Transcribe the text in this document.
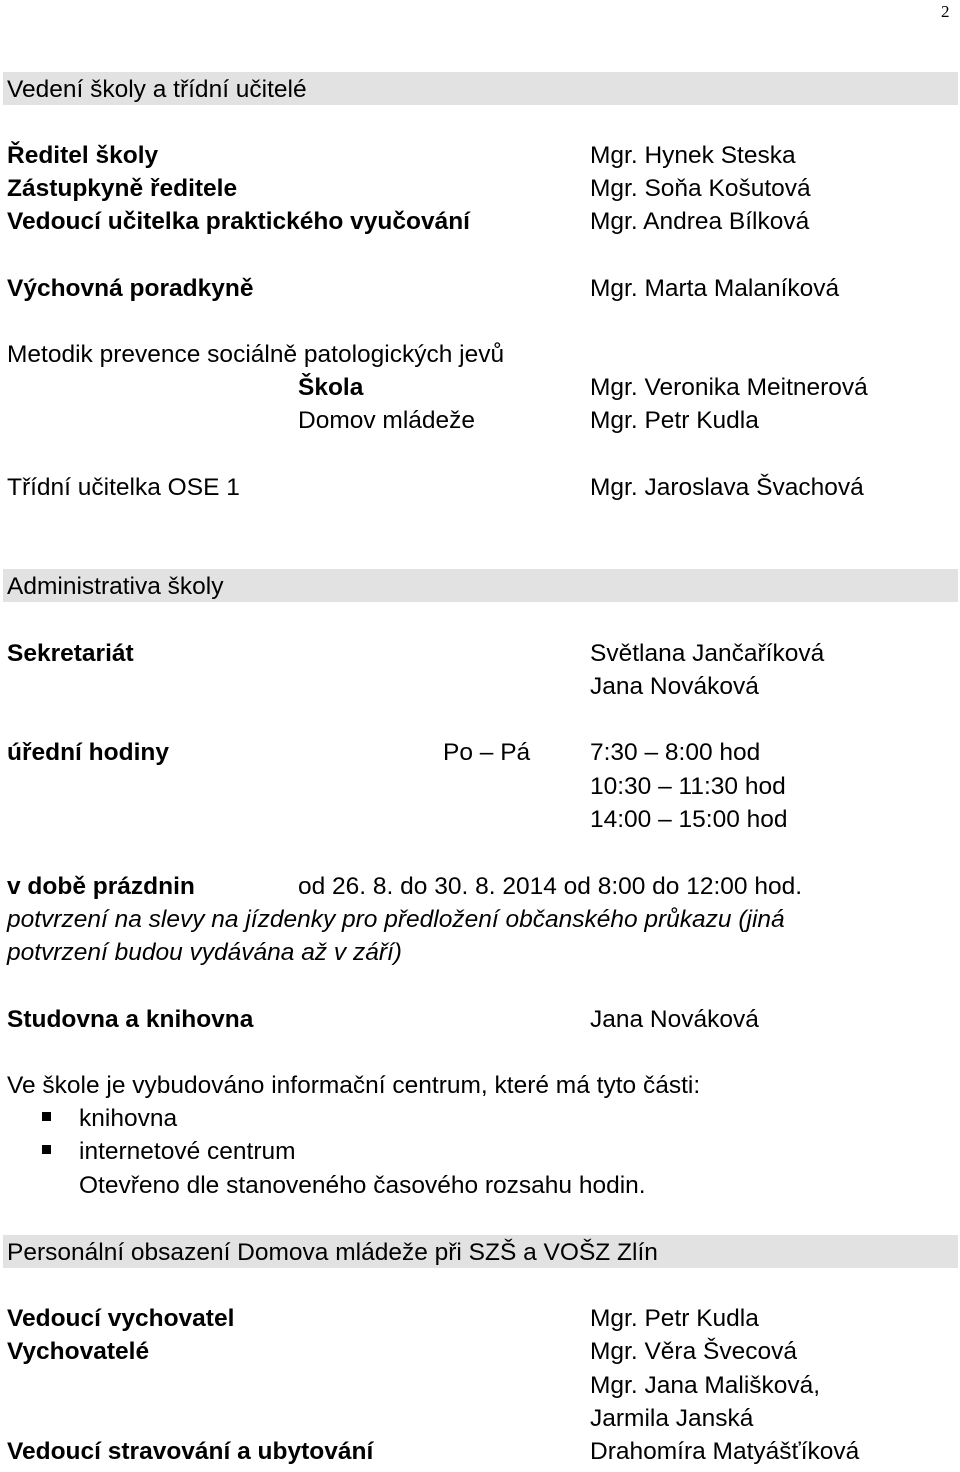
2
Vedení školy a třídní učitelé
Ředitel školy	Mgr. Hynek Steska
Zástupkyně ředitele	Mgr. Soňa Košutová
Vedoucí učitelka praktického vyučování	Mgr. Andrea Bílková
Výchovná poradkyně	Mgr. Marta Malaníková
Metodik prevence sociálně patologických jevů
Škola	Mgr. Veronika Meitnerová
Domov mládeže	Mgr. Petr Kudla
Třídní učitelka OSE 1	Mgr. Jaroslava Švachová
Administrativa školy
Sekretariát	Světlana Jančaříková
Jana Nováková
úřední hodiny	Po – Pá 7:30 – 8:00 hod
10:30 – 11:30 hod
14:00 – 15:00 hod
v době prázdnin	od 26. 8. do 30. 8. 2014 od 8:00 do 12:00 hod.
potvrzení na slevy na jízdenky pro předložení občanského průkazu (jiná
potvrzení budou vydávána až v září)
Studovna a knihovna	Jana Nováková
Ve škole je vybudováno informační centrum, které má tyto části:
knihovna
internetové centrum
Otevřeno dle stanoveného časového rozsahu hodin.
Personální obsazení Domova mládeže při SZŠ a VOŠZ Zlín
Vedoucí vychovatel	Mgr. Petr Kudla
Vychovatelé	Mgr. Věra Švecová
Mgr. Jana Mališková,
Jarmila Janská
Vedoucí stravování a ubytování	Drahomíra Matyášťíková
